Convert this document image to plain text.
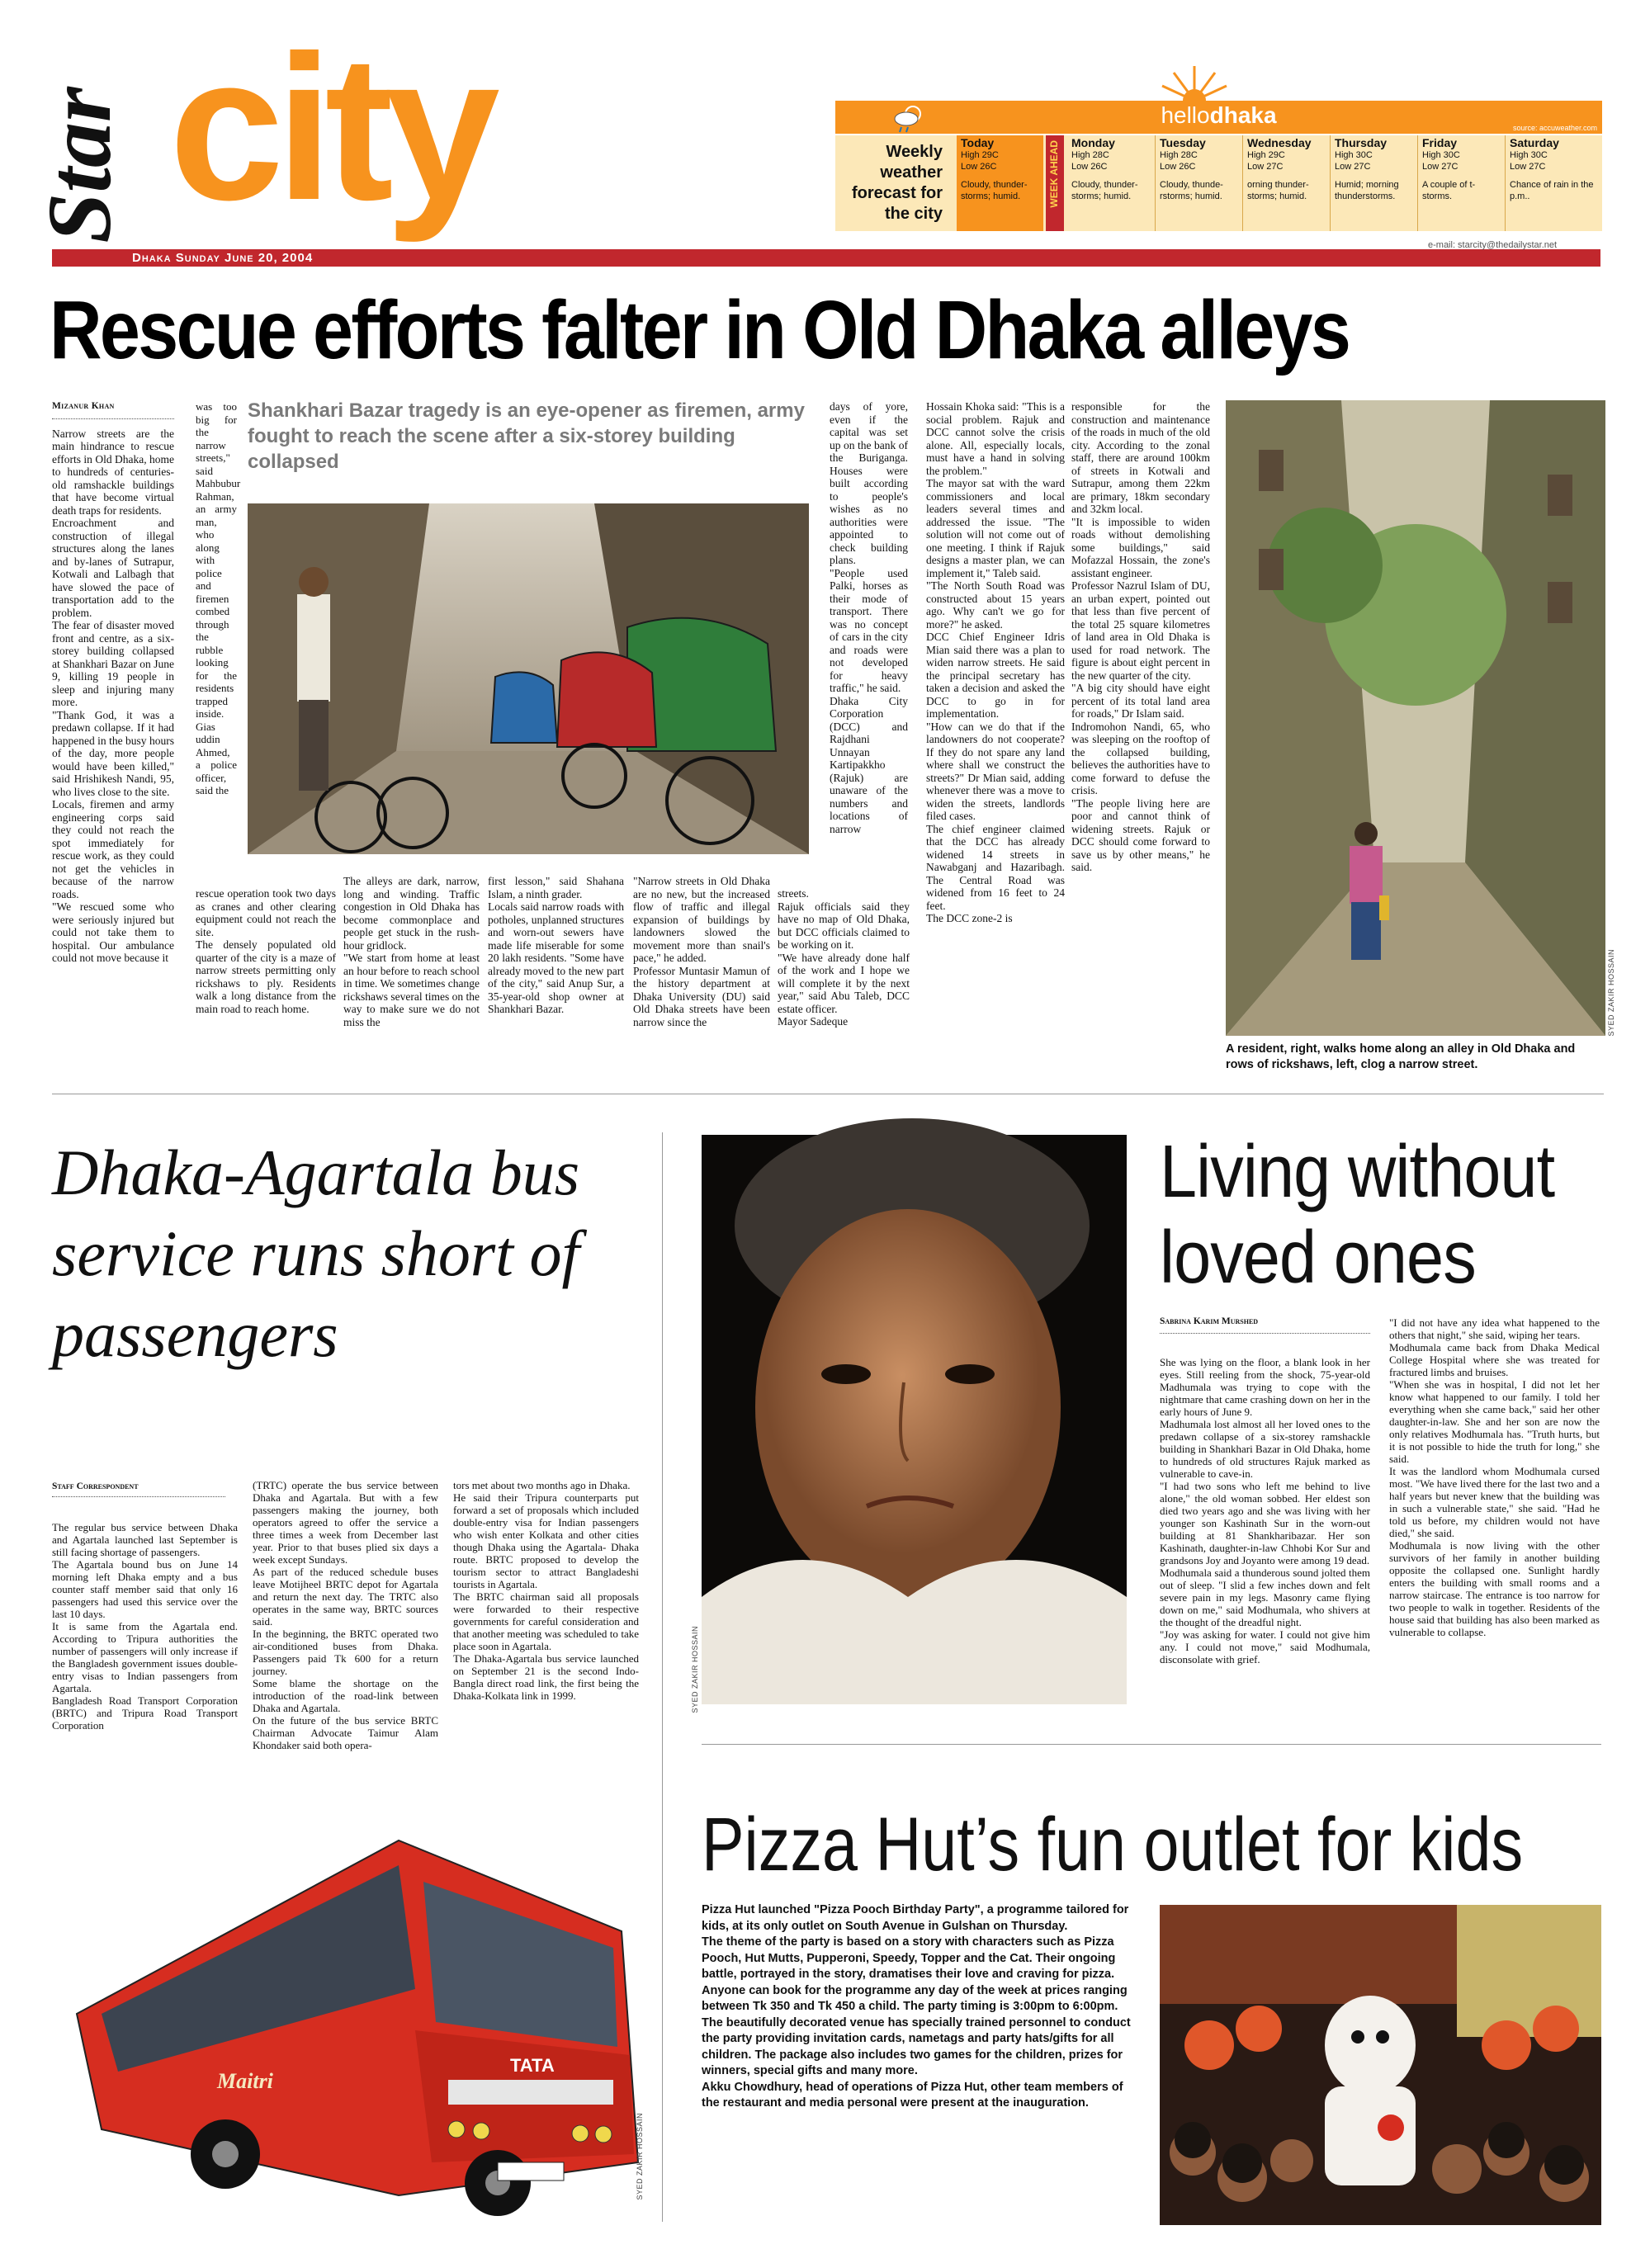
Star city
Dhaka Sunday June 20, 2004
e-mail: starcity@thedailystar.net
hellodhaka	source: accuweather.com
Weekly weather forecast for the city
WEEK AHEAD
Today
High 29C
Low 26C
Cloudy, thunder-storms; humid.
Monday
High 28C
Low 26C
Cloudy, thunder-storms; humid.
Tuesday
High 28C
Low 26C
Cloudy, thunde-rstorms; humid.
Wednesday
High 29C
Low 27C
orning thunder-storms; humid.
Thursday
High 30C
Low 27C
Humid; morning thunderstorms.
Friday
High 30C
Low 27C
A couple of t-storms.
Saturday
High 30C
Low 27C
Chance of rain in the p.m..
Rescue efforts falter in Old Dhaka alleys
Mizanur Khan
Narrow streets are the main hindrance to rescue efforts in Old Dhaka, home to hundreds of centuries-old ramshackle buildings that have become virtual death traps for residents.
Encroachment and construction of illegal structures along the lanes and by-lanes of Sutrapur, Kotwali and Lalbagh that have slowed the pace of transportation add to the problem.
The fear of disaster moved front and centre, as a six-storey building collapsed at Shankhari Bazar on June 9, killing 19 people in sleep and injuring many more.
"Thank God, it was a predawn collapse. If it had happened in the busy hours of the day, more people would have been killed," said Hrishikesh Nandi, 95, who lives close to the site.
Locals, firemen and army engineering corps said they could not reach the spot immediately for rescue work, as they could not get the vehicles in because of the narrow roads.
"We rescued some who were seriously injured but could not take them to hospital. Our ambulance could not move because it
was too big for the narrow streets," said Mahbubur Rahman, an army man, who along with police and firemen combed through the rubble looking for the residents trapped inside.
Gias uddin Ahmed, a police officer, said the
Shankhari Bazar tragedy is an eye-opener as firemen, army fought to reach the scene after a six-storey building collapsed
rescue operation took two days as cranes and other clearing equipment could not reach the site.
The densely populated old quarter of the city is a maze of narrow streets permitting only rickshaws to ply. Residents walk a long distance from the main road to reach home.
The alleys are dark, narrow, long and winding. Traffic congestion in Old Dhaka has become commonplace and people get stuck in the rush-hour gridlock.
"We start from home at least an hour before to reach school in time. We sometimes change rickshaws several times on the way to make sure we do not miss the
first lesson," said Shahana Islam, a ninth grader.
Locals said narrow roads with potholes, unplanned structures and worn-out sewers have made life miserable for some 20 lakh residents. "Some have already moved to the new part of the city," said Anup Sur, a 35-year-old shop owner at Shankhari Bazar.
"Narrow streets in Old Dhaka are no new, but the increased flow of traffic and illegal expansion of buildings by landowners slowed the movement more than snail's pace," he added.
Professor Muntasir Mamun of the history department at Dhaka University (DU) said Old Dhaka streets have been narrow since the
days of yore, even if the capital was set up on the bank of the Buriganga. Houses were built according to people's wishes as no authorities were appointed to check building plans.
"People used Palki, horses as their mode of transport. There was no concept of cars in the city and roads were not developed for heavy traffic," he said.
Dhaka City Corporation (DCC) and Rajdhani Unnayan Kartipakkho (Rajuk) are unaware of the numbers and locations of narrow
streets.
Rajuk officials said they have no map of Old Dhaka, but DCC officials claimed to be working on it.
"We have already done half of the work and I hope we will complete it by the next year," said Abu Taleb, DCC estate officer.
Mayor Sadeque
Hossain Khoka said: "This is a social problem. Rajuk and DCC cannot solve the crisis alone. All, especially locals, must have a hand in solving the problem."
The mayor sat with the ward commissioners and local leaders several times and addressed the issue. "The solution will not come out of one meeting. I think if Rajuk designs a master plan, we can implement it," Taleb said.
"The North South Road was constructed about 15 years ago. Why can't we go for more?" he asked.
DCC Chief Engineer Idris Mian said there was a plan to widen narrow streets. He said the principal secretary has taken a decision and asked the DCC to go in for implementation.
"How can we do that if the landowners do not cooperate? If they do not spare any land where shall we construct the streets?" Dr Mian said, adding whenever there was a move to widen the streets, landlords filed cases.
The chief engineer claimed that the DCC has already widened 14 streets in Nawabganj and Hazaribagh. The Central Road was widened from 16 feet to 24 feet.
The DCC zone-2 is
responsible for the construction and maintenance of the roads in much of the old city. According to the zonal staff, there are around 100km of streets in Kotwali and Sutrapur, among them 22km are primary, 18km secondary and 32km local.
"It is impossible to widen roads without demolishing some buildings," said Mofazzal Hossain, the zone's assistant engineer.
Professor Nazrul Islam of DU, an urban expert, pointed out that less than five percent of the total 25 square kilometres of land area in Old Dhaka is used for road network. The figure is about eight percent in the new quarter of the city.
"A big city should have eight percent of its total land area for roads," Dr Islam said.
Indromohon Nandi, 65, who was sleeping on the rooftop of the collapsed building, believes the authorities have to come forward to defuse the crisis.
"The people living here are poor and cannot think of widening streets. Rajuk or DCC should come forward to save us by other means," he said.
SYED ZAKIR HOSSAIN
A resident, right, walks home along an alley in Old Dhaka and rows of rickshaws, left, clog a narrow street.
Dhaka-Agartala bus service runs short of passengers
Staff Correspondent
The regular bus service between Dhaka and Agartala launched last September is still facing shortage of passengers.
The Agartala bound bus on June 14 morning left Dhaka empty and a bus counter staff member said that only 16 passengers had used this service over the last 10 days.
It is same from the Agartala end. According to Tripura authorities the number of passengers will only increase if the Bangladesh government issues double-entry visas to Indian passengers from Agartala.
Bangladesh Road Transport Corporation (BRTC) and Tripura Road Transport Corporation
(TRTC) operate the bus service between Dhaka and Agartala. But with a few passengers making the journey, both operators agreed to offer the service a three times a week from December last year. Prior to that buses plied six days a week except Sundays.
As part of the reduced schedule buses leave Motijheel BRTC depot for Agartala and return the next day. The TRTC also operates in the same way, BRTC sources said.
In the beginning, the BRTC operated two air-conditioned buses from Dhaka. Passengers paid Tk 600 for a return journey.
Some blame the shortage on the introduction of the road-link between Dhaka and Agartala.
On the future of the bus service BRTC Chairman Advocate Taimur Alam Khondaker said both opera-
tors met about two months ago in Dhaka.
He said their Tripura counterparts put forward a set of proposals which included double-entry visa for Indian passengers who wish enter Kolkata and other cities though Dhaka using the Agartala- Dhaka route. BRTC proposed to develop the tourism sector to attract Bangladeshi tourists in Agartala.
The BRTC chairman said all proposals were forwarded to their respective governments for careful consideration and that another meeting was scheduled to take place soon in Agartala.
The Dhaka-Agartala bus service launched on September 21 is the second Indo-Bangla direct road link, the first being the Dhaka-Kolkata link in 1999.
Maitri
TATA
SYED ZAKIR HOSSAIN
SYED ZAKIR HOSSAIN
Living without loved ones
Sabrina Karim Murshed
She was lying on the floor, a blank look in her eyes. Still reeling from the shock, 75-year-old Madhumala was trying to cope with the nightmare that came crashing down on her in the early hours of June 9.
Madhumala lost almost all her loved ones to the predawn collapse of a six-storey ramshackle building in Shankhari Bazar in Old Dhaka, home to hundreds of old structures Rajuk marked as vulnerable to cave-in.
"I had two sons who left me behind to live alone," the old woman sobbed. Her eldest son died two years ago and she was living with her younger son Kashinath Sur in the worn-out building at 81 Shankharibazar. Her son Kashinath, daughter-in-law Chhobi Kor Sur and grandsons Joy and Joyanto were among 19 dead.
Modhumala said a thunderous sound jolted them out of sleep. "I slid a few inches down and felt severe pain in my legs. Masonry came flying down on me," said Modhumala, who shivers at the thought of the dreadful night.
"Joy was asking for water. I could not give him any. I could not move," said Modhumala, disconsolate with grief.
"I did not have any idea what happened to the others that night," she said, wiping her tears.
Modhumala came back from Dhaka Medical College Hospital where she was treated for fractured limbs and bruises.
"When she was in hospital, I did not let her know what happened to our family. I told her everything when she came back," said her other daughter-in-law. She and her son are now the only relatives Modhumala has. "Truth hurts, but it is not possible to hide the truth for long," she said.
It was the landlord whom Modhumala cursed most. "We have lived there for the last two and a half years but never knew that the building was in such a vulnerable state," she said. "Had he told us before, my children would not have died," she said.
Modhumala is now living with the other survivors of her family in another building opposite the collapsed one. Sunlight hardly enters the building with small rooms and a narrow staircase. The entrance is too narrow for two people to walk in together. Residents of the house said that building has also been marked as vulnerable to collapse.
Pizza Hut’s fun outlet for kids
Pizza Hut launched "Pizza Pooch Birthday Party", a programme tailored for kids, at its only outlet on South Avenue in Gulshan on Thursday.
The theme of the party is based on a story with characters such as Pizza Pooch, Hut Mutts, Pupperoni, Speedy, Topper and the Cat. Their ongoing battle, portrayed in the story, dramatises their love and craving for pizza.
Anyone can book for the programme any day of the week at prices ranging between Tk 350 and Tk 450 a child. The party timing is 3:00pm to 6:00pm. The beautifully decorated venue has specially trained personnel to conduct the party providing invitation cards, nametags and party hats/gifts for all children. The package also includes two games for the children, prizes for winners, special gifts and many more.
Akku Chowdhury, head of operations of Pizza Hut, other team members of the restaurant and media personal were present at the inauguration.
